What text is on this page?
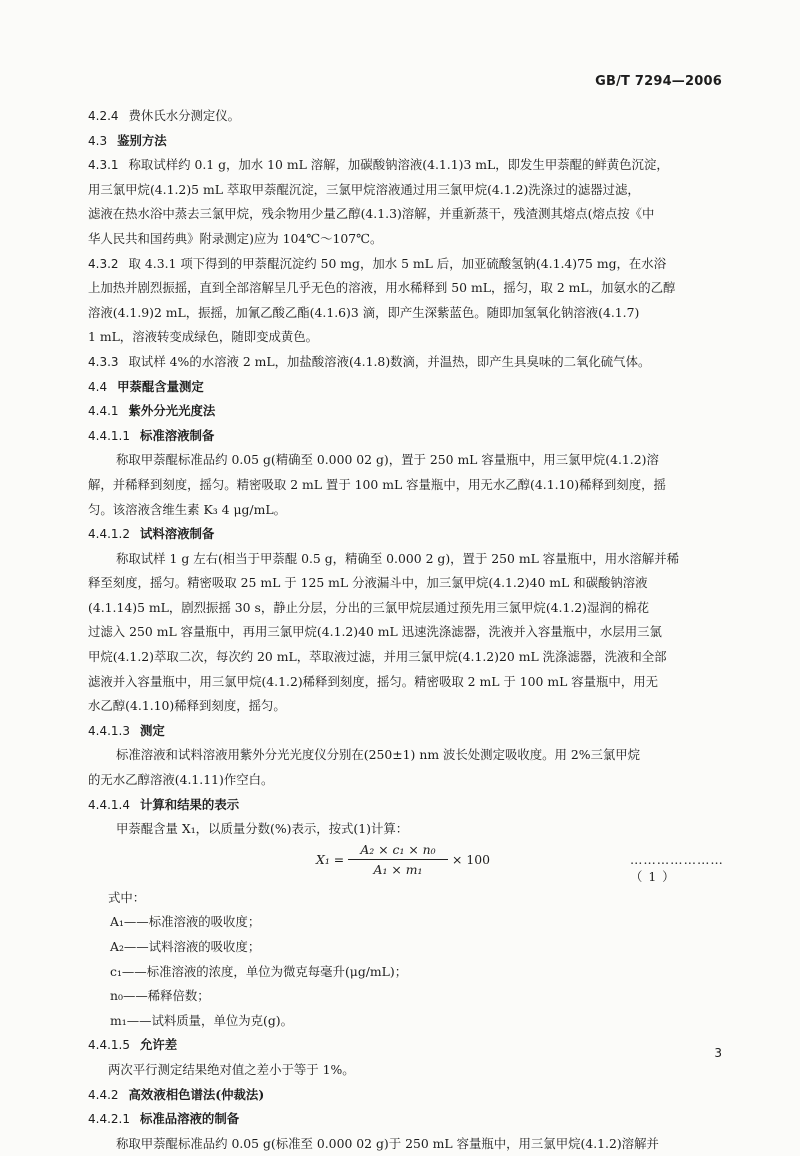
GB/T 7294—2006
4.2.4 费休氏水分测定仪。
4.3 鉴别方法
4.3.1 称取试样约 0.1 g，加水 10 mL 溶解，加碳酸钠溶液(4.1.1)3 mL，即发生甲萘醌的鲜黄色沉淀，
用三氯甲烷(4.1.2)5 mL 萃取甲萘醌沉淀，三氯甲烷溶液通过用三氯甲烷(4.1.2)洗涤过的滤器过滤，
滤液在热水浴中蒸去三氯甲烷，残余物用少量乙醇(4.1.3)溶解，并重新蒸干，残渣测其熔点(熔点按《中
华人民共和国药典》附录测定)应为 104℃～107℃。
4.3.2 取 4.3.1 项下得到的甲萘醌沉淀约 50 mg，加水 5 mL 后，加亚硫酸氢钠(4.1.4)75 mg，在水浴
上加热并剧烈振摇，直到全部溶解呈几乎无色的溶液，用水稀释到 50 mL，摇匀，取 2 mL，加氨水的乙醇
溶液(4.1.9)2 mL，振摇，加氰乙酸乙酯(4.1.6)3 滴，即产生深紫蓝色。随即加氢氧化钠溶液(4.1.7)
1 mL，溶液转变成绿色，随即变成黄色。
4.3.3 取试样 4%的水溶液 2 mL，加盐酸溶液(4.1.8)数滴，并温热，即产生具臭味的二氧化硫气体。
4.4 甲萘醌含量测定
4.4.1 紫外分光光度法
4.4.1.1 标准溶液制备
称取甲萘醌标准品约 0.05 g(精确至 0.000 02 g)，置于 250 mL 容量瓶中，用三氯甲烷(4.1.2)溶
解，并稀释到刻度，摇匀。精密吸取 2 mL 置于 100 mL 容量瓶中，用无水乙醇(4.1.10)稀释到刻度，摇
匀。该溶液含维生素 K₃ 4 μg/mL。
4.4.1.2 试料溶液制备
称取试样 1 g 左右(相当于甲萘醌 0.5 g，精确至 0.000 2 g)，置于 250 mL 容量瓶中，用水溶解并稀
释至刻度，摇匀。精密吸取 25 mL 于 125 mL 分液漏斗中，加三氯甲烷(4.1.2)40 mL 和碳酸钠溶液
(4.1.14)5 mL，剧烈振摇 30 s，静止分层，分出的三氯甲烷层通过预先用三氯甲烷(4.1.2)湿润的棉花
过滤入 250 mL 容量瓶中，再用三氯甲烷(4.1.2)40 mL 迅速洗涤滤器，洗液并入容量瓶中，水层用三氯
甲烷(4.1.2)萃取二次，每次约 20 mL，萃取液过滤，并用三氯甲烷(4.1.2)20 mL 洗涤滤器，洗液和全部
滤液并入容量瓶中，用三氯甲烷(4.1.2)稀释到刻度，摇匀。精密吸取 2 mL 于 100 mL 容量瓶中，用无
水乙醇(4.1.10)稀释到刻度，摇匀。
4.4.1.3 测定
标准溶液和试料溶液用紫外分光光度仪分别在(250±1) nm 波长处测定吸收度。用 2%三氯甲烷
的无水乙醇溶液(4.1.11)作空白。
4.4.1.4 计算和结果的表示
甲萘醌含量 X₁，以质量分数(%)表示，按式(1)计算：
$X_1 = \frac{\text{A₂ × c₁ × n₀}}{\text{A₁ × m₁}} \times 100$	…………………（ 1 ）
式中：
A₁——标准溶液的吸收度；
A₂——试料溶液的吸收度；
c₁——标准溶液的浓度，单位为微克每毫升(μg/mL)；
n₀——稀释倍数；
m₁——试料质量，单位为克(g)。
4.4.1.5 允许差
两次平行测定结果绝对值之差小于等于 1%。
4.4.2 高效液相色谱法(仲裁法)
4.4.2.1 标准品溶液的制备
称取甲萘醌标准品约 0.05 g(标准至 0.000 02 g)于 250 mL 容量瓶中，用三氯甲烷(4.1.2)溶解并
3
